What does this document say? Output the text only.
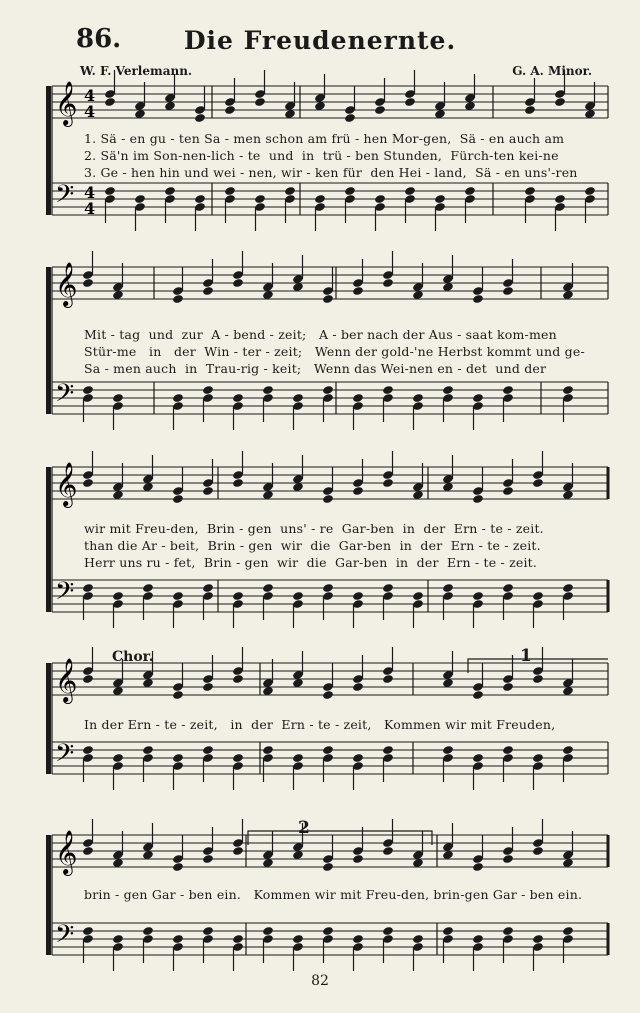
86.	Die Freudenernte.
W. F. Verlemann.	G. A. Minor.
𝄞
𝄢
4
4
4
4
𝄞
𝄢
𝄞
𝄢
𝄞
𝄢
𝄞
𝄢
1. Sä - en gu - ten Sa - men schon am frü - hen Mor-gen,  Sä - en auch am
2. Sä'n im Son-nen-lich - te  und  in  trü - ben Stunden,  Fürch-ten kei-ne
3. Ge - hen hin und wei - nen, wir - ken für  den Hei - land,  Sä - en uns'-ren
Mit - tag  und  zur  A - bend - zeit;   A - ber nach der Aus - saat kom-men
Stür-me   in   der  Win - ter - zeit;   Wenn der gold-'ne Herbst kommt und ge-
Sa - men auch  in  Trau-rig - keit;   Wenn das Wei-nen en - det  und der
wir mit Freu-den,  Brin - gen  uns' - re  Gar-ben  in  der  Ern - te - zeit.
than die Ar - beit,  Brin - gen  wir  die  Gar-ben  in  der  Ern - te - zeit.
Herr uns ru - fet,  Brin - gen  wir  die  Gar-ben  in  der  Ern - te - zeit.
Chor.	1
In der Ern - te - zeit,   in  der  Ern - te - zeit,   Kommen wir mit Freuden,
2
brin - gen Gar - ben ein.   Kommen wir mit Freu-den, brin-gen Gar - ben ein.
82
